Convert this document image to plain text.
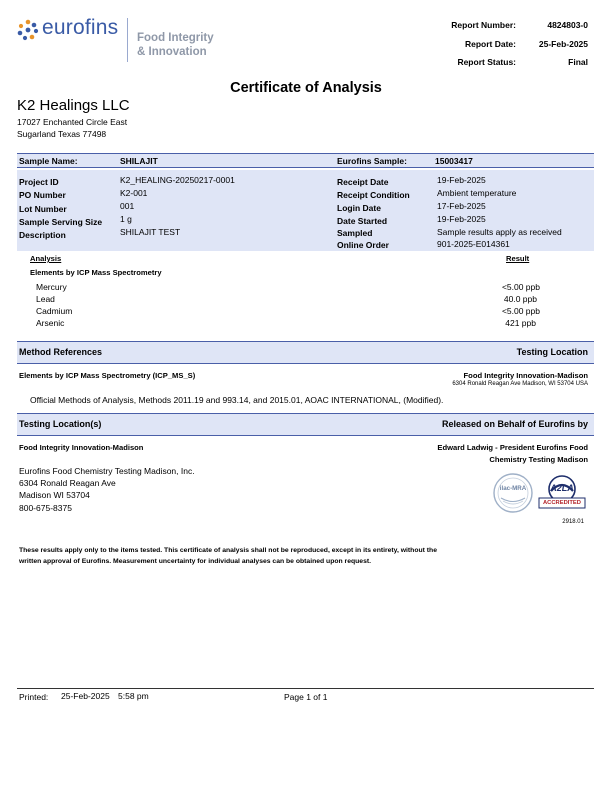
eurofins Food Integrity
& Innovation
Report Number:	4824803-0
Report Date:	25-Feb-2025
Report Status:	Final
Certificate of Analysis
K2 Healings LLC
17027 Enchanted Circle East
Sugarland Texas 77498
Sample Name:	SHILAJIT	Eurofins Sample:	15003417
Project ID	K2_HEALING-20250217-0001
PO Number	K2-001
Lot Number	001
Sample Serving Size 1 g
Description	SHILAJIT TEST
Receipt Date	19-Feb-2025
Receipt Condition	Ambient temperature
Login Date	17-Feb-2025
Date Started	19-Feb-2025
Sampled	Sample results apply as received
Online Order	901-2025-E014361
Analysis	Result
Elements by ICP Mass Spectrometry
Mercury	<5.00 ppb
Lead	40.0 ppb
Cadmium	<5.00 ppb
Arsenic	421 ppb
Method References	Testing Location
Elements by ICP Mass Spectrometry (ICP_MS_S)	Food Integrity Innovation-Madison
6304 Ronald Reagan Ave Madison, WI 53704 USA
Official Methods of Analysis, Methods 2011.19 and 993.14, and 2015.01, AOAC INTERNATIONAL, (Modified).
Testing Location(s)	Released on Behalf of Eurofins by
Food Integrity Innovation-Madison	Edward Ladwig - President Eurofins Food
Chemistry Testing Madison
Eurofins Food Chemistry Testing Madison, Inc.
6304 Ronald Reagan Ave
Madison WI 53704
800-675-8375
ilac-MRA	A2LA
ACCREDITED
2918.01
These results apply only to the items tested. This certificate of analysis shall not be reproduced, except in its entirety, without the
written approval of Eurofins. Measurement uncertainty for individual analyses can be obtained upon request.
Printed: 25-Feb-2025 5:58 pm	Page 1 of 1
